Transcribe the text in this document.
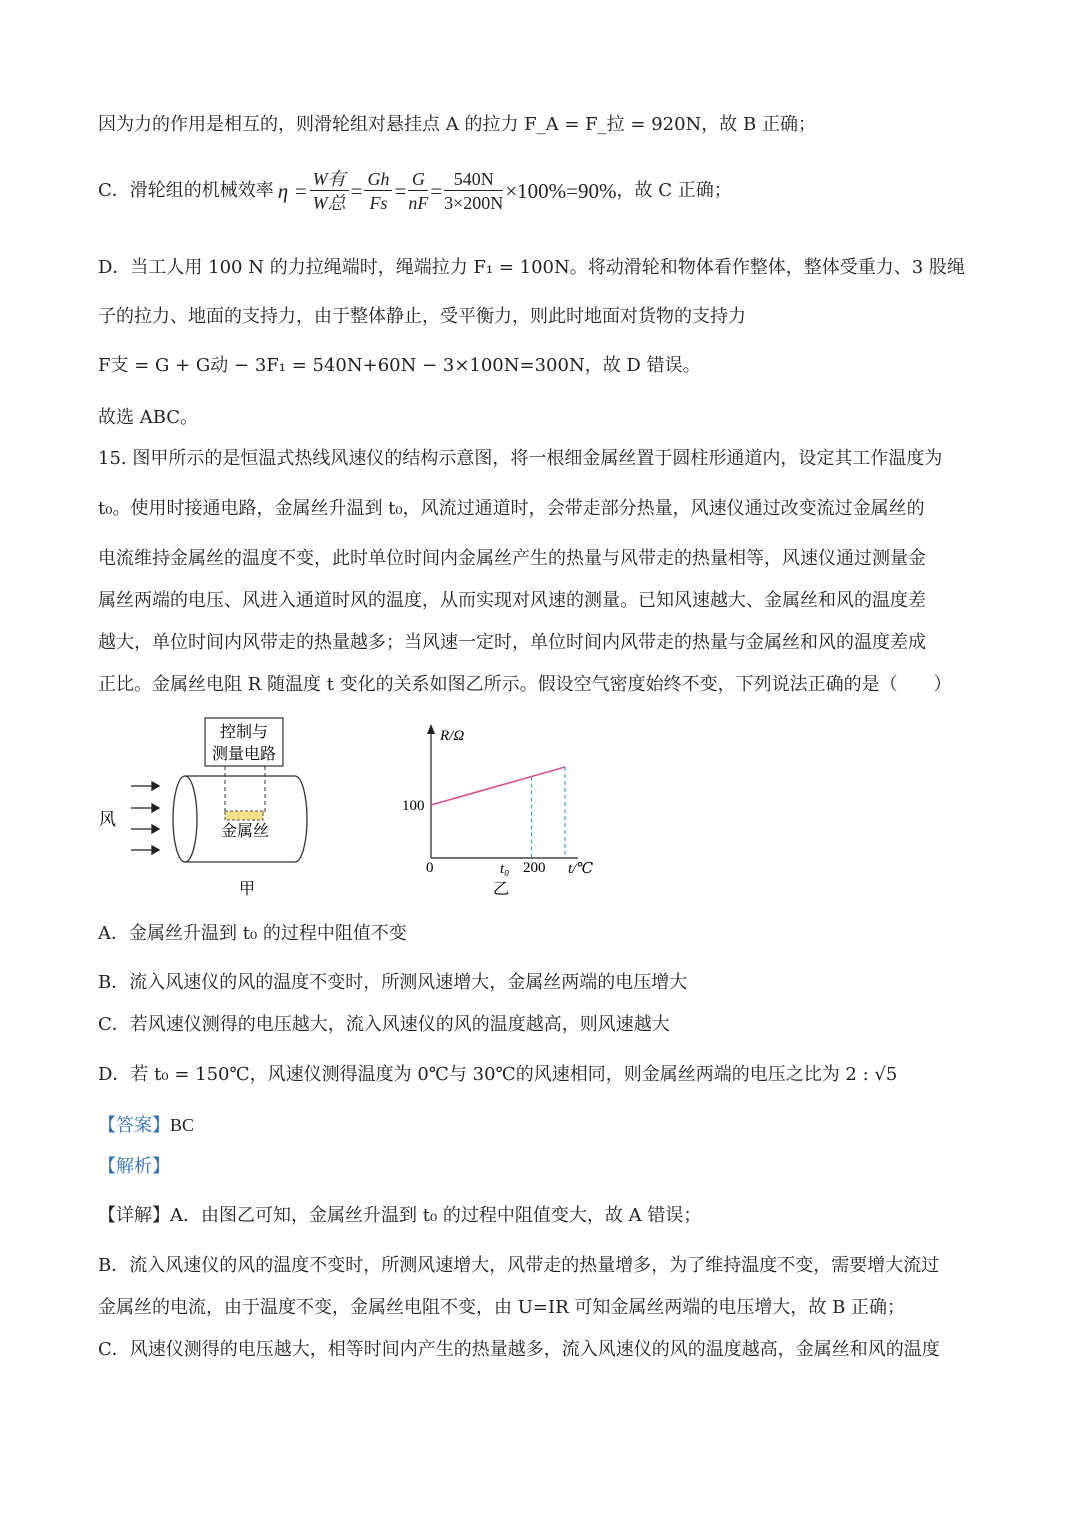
因为力的作用是相互的，则滑轮组对悬挂点 A 的拉力 F_A = F_拉 = 920N，故 B 正确；
C．滑轮组的机械效率 $\eta = \frac{\text{W有}}{\text{W总}} = \frac{Gh}{Fs} = \frac{G}{nF} = \frac{540N}{3\times 200N} \times 100\%=90\%$ ，故 C 正确；
D．当工人用 100 N 的力拉绳端时，绳端拉力 F₁ = 100N。将动滑轮和物体看作整体，整体受重力、3 股绳
子的拉力、地面的支持力，由于整体静止，受平衡力，则此时地面对货物的支持力
F支 = G + G动 − 3F₁ = 540N+60N − 3×100N=300N，故 D 错误。
故选 ABC。
15. 图甲所示的是恒温式热线风速仪的结构示意图，将一根细金属丝置于圆柱形通道内，设定其工作温度为
t₀。使用时接通电路，金属丝升温到 t₀，风流过通道时，会带走部分热量，风速仪通过改变流过金属丝的
电流维持金属丝的温度不变，此时单位时间内金属丝产生的热量与风带走的热量相等，风速仪通过测量金
属丝两端的电压、风进入通道时风的温度，从而实现对风速的测量。已知风速越大、金属丝和风的温度差
越大，单位时间内风带走的热量越多；当风速一定时，单位时间内风带走的热量与金属丝和风的温度差成
正比。金属丝电阻 R 随温度 t 变化的关系如图乙所示。假设空气密度始终不变，下列说法正确的是（　　）
控制与
测量电路
金属丝
风
甲
R/Ω
100
0	t₀ 200 t/℃
乙
A．金属丝升温到 t₀ 的过程中阻值不变
B．流入风速仪的风的温度不变时，所测风速增大，金属丝两端的电压增大
C．若风速仪测得的电压越大，流入风速仪的风的温度越高，则风速越大
D．若 t₀ = 150℃，风速仪测得温度为 0℃与 30℃的风速相同，则金属丝两端的电压之比为 2 : √5
【答案】BC
【解析】
【详解】A．由图乙可知，金属丝升温到 t₀ 的过程中阻值变大，故 A 错误；
B．流入风速仪的风的温度不变时，所测风速增大，风带走的热量增多，为了维持温度不变，需要增大流过
金属丝的电流，由于温度不变，金属丝电阻不变，由 U=IR 可知金属丝两端的电压增大，故 B 正确；
C．风速仪测得的电压越大，相等时间内产生的热量越多，流入风速仪的风的温度越高，金属丝和风的温度
